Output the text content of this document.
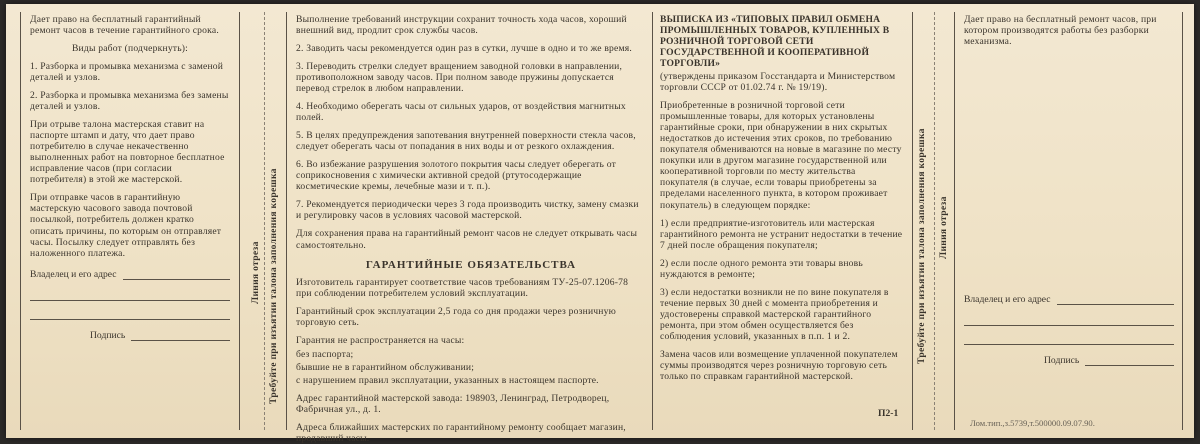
Дает право на бесплатный гарантийный ремонт часов в течение гарантийного срока.

Виды работ (подчеркнуть):

1. Разборка и промывка механизма с заменой деталей и узлов.

2. Разборка и промывка механизма без замены деталей и узлов.

При отрыве талона мастерская ставит на паспорте штамп и дату, что дает право потребителю в случае некачественно выполненных работ на повторное бесплатное исправление часов (при согласии потребителя) в этой же мастерской.

При отправке часов в гарантийную мастерскую часового завода почтовой посылкой, потребитель должен кратко описать причины, по которым он отправляет часы. Посылку следует отправлять без наложенного платежа.

Владелец и его адрес
Подпись
Линия отреза Требуйте при изъятии талона заполнения корешка

Выполнение требований инструкции сохранит точность хода часов, хороший внешний вид, продлит срок службы часов.

2. Заводить часы рекомендуется один раз в сутки, лучше в одно и то же время.

3. Переводить стрелки следует вращением заводной головки в направлении, противоположном заводу часов. При полном заводе пружины допускается перевод стрелок в любом направлении.

4. Необходимо оберегать часы от сильных ударов, от воздействия магнитных полей.

5. В целях предупреждения запотевания внутренней поверхности стекла часов, следует оберегать часы от попадания в них воды и от резкого охлаждения.

6. Во избежание разрушения золотого покрытия часы следует оберегать от соприкосновения с химически активной средой (ртутосодержащие косметические кремы, лечебные мази и т. п.).

7. Рекомендуется периодически через 3 года производить чистку, замену смазки и регулировку часов в условиях часовой мастерской.

Для сохранения права на гарантийный ремонт часов не следует открывать часы самостоятельно.

ГАРАНТИЙНЫЕ ОБЯЗАТЕЛЬСТВА

Изготовитель гарантирует соответствие часов требованиям ТУ-25-07.1206-78 при соблюдении потребителем условий эксплуатации.

Гарантийный срок эксплуатации 2,5 года со дня продажи через розничную торговую сеть.

Гарантия не распространяется на часы:

без паспорта;

бывшие не в гарантийном обслуживании;

с нарушением правил эксплуатации, указанных в настоящем паспорте.

Адрес гарантийной мастерской завода: 198903, Ленинград, Петродворец, Фабричная ул., д. 1.

Адреса ближайших мастерских по гарантийному ремонту сообщает магазин, продавший часы.

П2-1

ВЫПИСКА ИЗ «ТИПОВЫХ ПРАВИЛ ОБМЕНА ПРОМЫШЛЕННЫХ ТОВАРОВ, КУПЛЕННЫХ В РОЗНИЧНОЙ ТОРГОВОЙ СЕТИ ГОСУДАРСТВЕННОЙ И КООПЕРАТИВНОЙ ТОРГОВЛИ»

(утверждены приказом Госстандарта и Министерством торговли СССР от 01.02.74 г. № 19/19).

Приобретенные в розничной торговой сети промышленные товары, для которых установлены гарантийные сроки, при обнаружении в них скрытых недостатков до истечения этих сроков, по требованию покупателя обмениваются на новые в магазине по месту покупки или в другом магазине государственной или кооперативной торговли по месту жительства покупателя (в случае, если товары приобретены за пределами населенного пункта, в котором проживает покупатель) в следующем порядке:

1) если предприятие-изготовитель или мастерская гарантийного ремонта не устранит недостатки в течение 7 дней после обращения покупателя;

2) если после одного ремонта эти товары вновь нуждаются в ремонте;

3) если недостатки возникли не по вине покупателя в течение первых 30 дней с момента приобретения и удостоверены справкой мастерской гарантийного ремонта, при этом обмен осуществляется без соблюдения условий, указанных в п.п. 1 и 2.

Замена часов или возмещение уплаченной покупателем суммы производятся через розничную торговую сеть только по справкам гарантийной мастерской.

Требуйте при изъятии талона заполнения корешка Линия отреза

Дает право на бесплатный ремонт часов, при котором производятся работы без разборки механизма.

Владелец и его адрес
Подпись
Лом.тип.,з.5739,т.500000.09.07.90.
